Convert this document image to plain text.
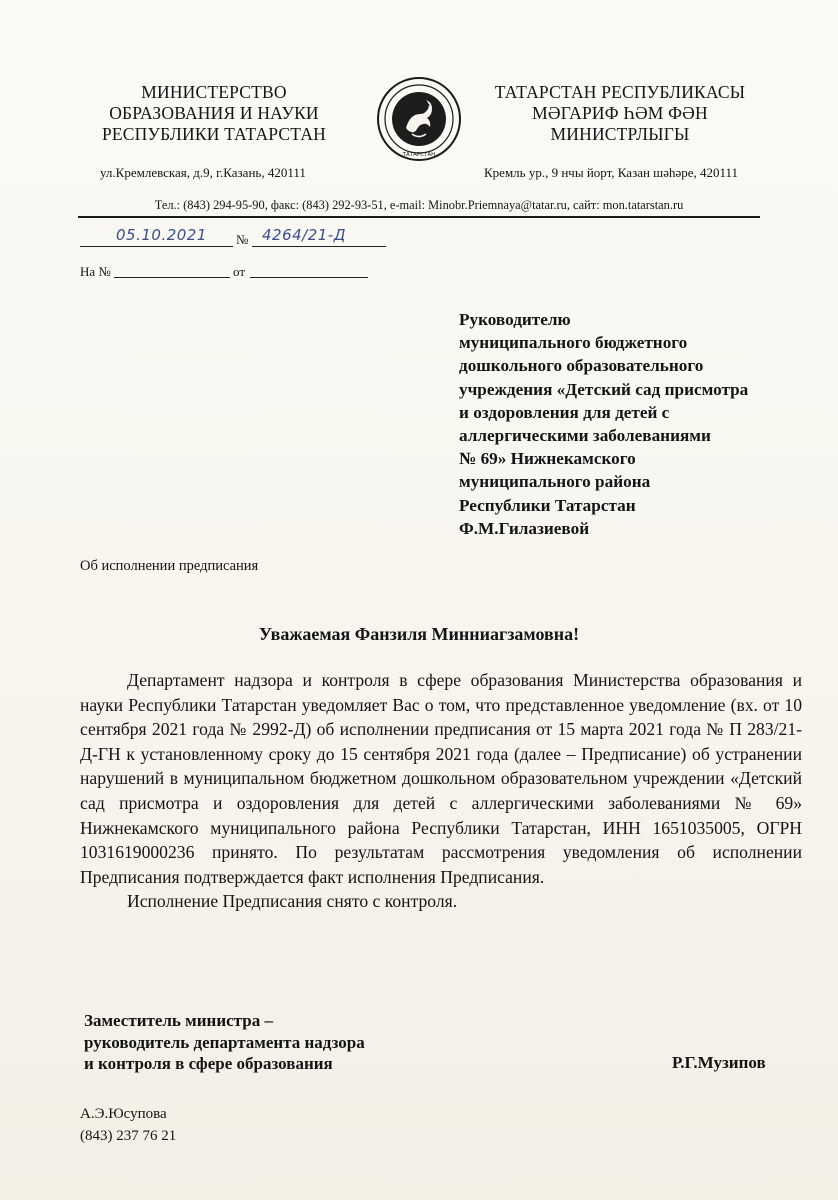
МИНИСТЕРСТВО
ОБРАЗОВАНИЯ И НАУКИ
РЕСПУБЛИКИ ТАТАРСТАН
ул.Кремлевская, д.9, г.Казань, 420111
ТАТАРСТАН
ТАТАРСТАН РЕСПУБЛИКАСЫ
МӘГАРИФ ҺӘМ ФӘН
МИНИСТРЛЫГЫ
Кремль ур., 9 нчы йорт, Казан шәһәре, 420111
Тел.: (843) 294-95-90, факс: (843) 292-93-51, e-mail: Minobr.Priemnaya@tatar.ru, сайт: mon.tatarstan.ru
05.10.2021 № 4264/21-Д
На №	от
Руководителю
муниципального бюджетного
дошкольного образовательного
учреждения «Детский сад присмотра
и оздоровления для детей с
аллергическими заболеваниями
№ 69» Нижнекамского
муниципального района
Республики Татарстан
Ф.М.Гилазиевой
Об исполнении предписания
Уважаемая Фанзиля Минниагзамовна!

Департамент надзора и контроля в сфере образования Министерства образования и науки Республики Татарстан уведомляет Вас о том, что представленное уведомление (вх. от 10 сентября 2021 года № 2992-Д) об исполнении предписания от 15 марта 2021 года № П 283/21-Д-ГН к установленному сроку до 15 сентября 2021 года (далее – Предписание) об устранении нарушений в муниципальном бюджетном дошкольном образовательном учреждении «Детский сад присмотра и оздоровления для детей с аллергическими заболеваниями № 69» Нижнекамского муниципального района Республики Татарстан, ИНН 1651035005, ОГРН 1031619000236 принято. По результатам рассмотрения уведомления об исполнении Предписания подтверждается факт исполнения Предписания.

Исполнение Предписания снято с контроля.

Заместитель министра –
руководитель департамента надзора
и контроля в сфере образования	Р.Г.Музипов
А.Э.Юсупова
(843) 237 76 21
